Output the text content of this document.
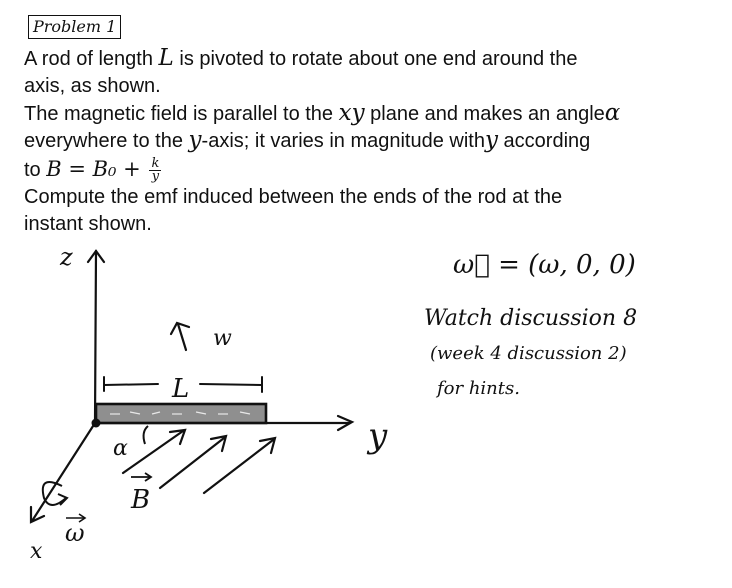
Problem 1
A rod of length L is pivoted to rotate about one end around the
axis, as shown.
The magnetic field is parallel to the xy plane and makes an angleα
everywhere to the y-axis; it varies in magnitude withy according
to $B = B_0 + \frac{k}{y}$
Compute the emf induced between the ends of the rod at the
instant shown.
L
w
α
B
ω
z
y
x
ω⃗ = (ω, 0, 0)
Watch discussion 8
(week 4 discussion 2)
for hints.
